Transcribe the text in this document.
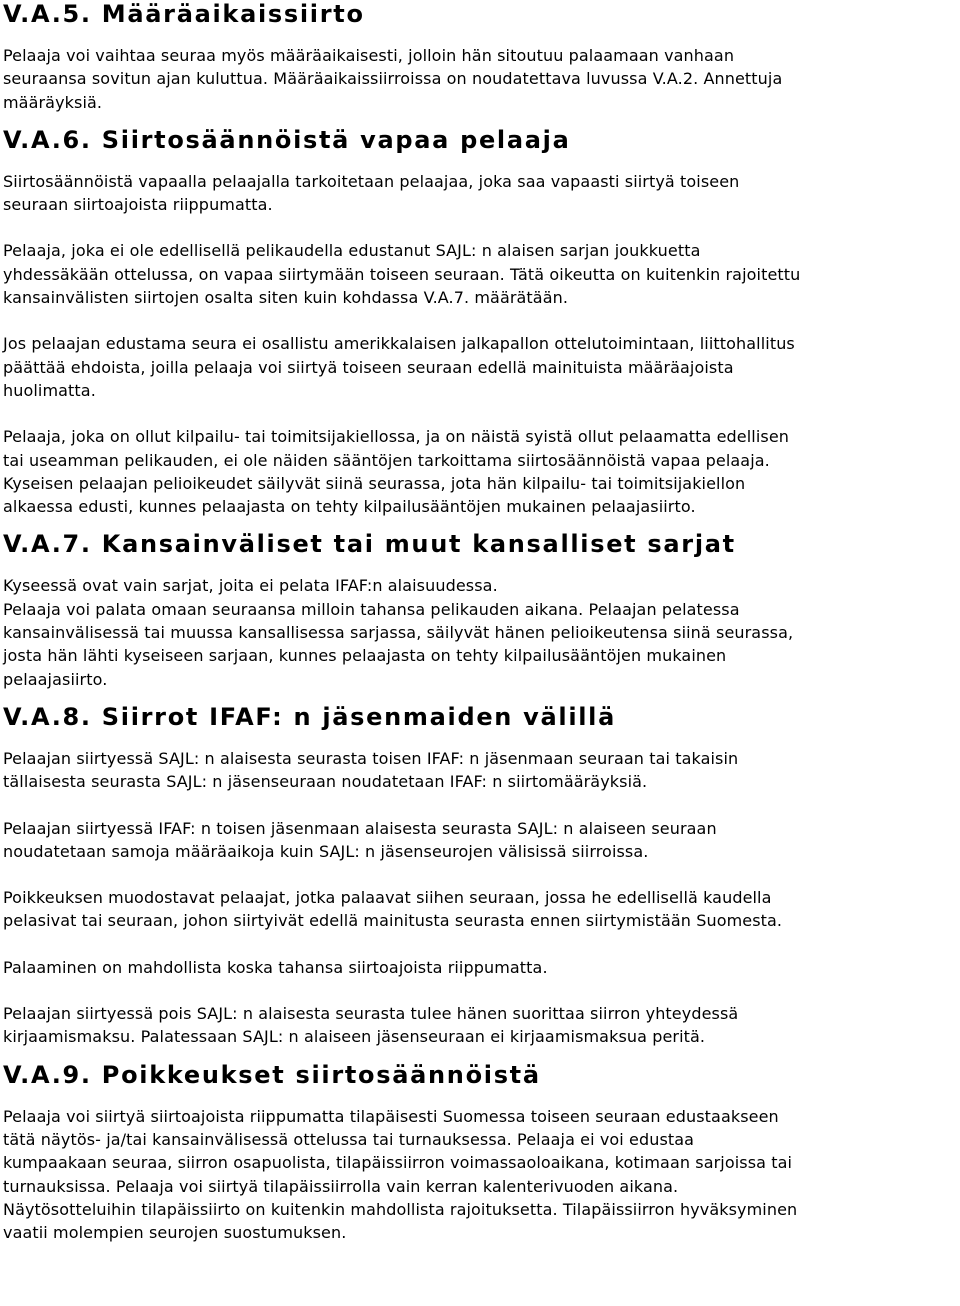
V.A.5. Määräaikaissiirto

Pelaaja voi vaihtaa seuraa myös määräaikaisesti, jolloin hän sitoutuu palaamaan vanhaan
seuraansa sovitun ajan kuluttua. Määräaikaissiirroissa on noudatettava luvussa V.A.2. Annettuja
määräyksiä.

V.A.6. Siirtosäännöistä vapaa pelaaja

Siirtosäännöistä vapaalla pelaajalla tarkoitetaan pelaajaa, joka saa vapaasti siirtyä toiseen
seuraan siirtoajoista riippumatta.

Pelaaja, joka ei ole edellisellä pelikaudella edustanut SAJL: n alaisen sarjan joukkuetta
yhdessäkään ottelussa, on vapaa siirtymään toiseen seuraan. Tätä oikeutta on kuitenkin rajoitettu
kansainvälisten siirtojen osalta siten kuin kohdassa V.A.7. määrätään.

Jos pelaajan edustama seura ei osallistu amerikkalaisen jalkapallon ottelutoimintaan, liittohallitus
päättää ehdoista, joilla pelaaja voi siirtyä toiseen seuraan edellä mainituista määräajoista
huolimatta.

Pelaaja, joka on ollut kilpailu- tai toimitsijakiellossa, ja on näistä syistä ollut pelaamatta edellisen
tai useamman pelikauden, ei ole näiden sääntöjen tarkoittama siirtosäännöistä vapaa pelaaja.
Kyseisen pelaajan pelioikeudet säilyvät siinä seurassa, jota hän kilpailu- tai toimitsijakiellon
alkaessa edusti, kunnes pelaajasta on tehty kilpailusääntöjen mukainen pelaajasiirto.

V.A.7. Kansainväliset tai muut kansalliset sarjat

Kyseessä ovat vain sarjat, joita ei pelata IFAF:n alaisuudessa.
Pelaaja voi palata omaan seuraansa milloin tahansa pelikauden aikana. Pelaajan pelatessa
kansainvälisessä tai muussa kansallisessa sarjassa, säilyvät hänen pelioikeutensa siinä seurassa,
josta hän lähti kyseiseen sarjaan, kunnes pelaajasta on tehty kilpailusääntöjen mukainen
pelaajasiirto.

V.A.8. Siirrot IFAF: n jäsenmaiden välillä

Pelaajan siirtyessä SAJL: n alaisesta seurasta toisen IFAF: n jäsenmaan seuraan tai takaisin
tällaisesta seurasta SAJL: n jäsenseuraan noudatetaan IFAF: n siirtomääräyksiä.

Pelaajan siirtyessä IFAF: n toisen jäsenmaan alaisesta seurasta SAJL: n alaiseen seuraan
noudatetaan samoja määräaikoja kuin SAJL: n jäsenseurojen välisissä siirroissa.

Poikkeuksen muodostavat pelaajat, jotka palaavat siihen seuraan, jossa he edellisellä kaudella
pelasivat tai seuraan, johon siirtyivät edellä mainitusta seurasta ennen siirtymistään Suomesta.

Palaaminen on mahdollista koska tahansa siirtoajoista riippumatta.

Pelaajan siirtyessä pois SAJL: n alaisesta seurasta tulee hänen suorittaa siirron yhteydessä
kirjaamismaksu. Palatessaan SAJL: n alaiseen jäsenseuraan ei kirjaamismaksua peritä.

V.A.9. Poikkeukset siirtosäännöistä

Pelaaja voi siirtyä siirtoajoista riippumatta tilapäisesti Suomessa toiseen seuraan edustaakseen
tätä näytös- ja/tai kansainvälisessä ottelussa tai turnauksessa. Pelaaja ei voi edustaa
kumpaakaan seuraa, siirron osapuolista, tilapäissiirron voimassaoloaikana, kotimaan sarjoissa tai
turnauksissa. Pelaaja voi siirtyä tilapäissiirrolla vain kerran kalenterivuoden aikana.
Näytösotteluihin tilapäissiirto on kuitenkin mahdollista rajoituksetta. Tilapäissiirron hyväksyminen
vaatii molempien seurojen suostumuksen.
